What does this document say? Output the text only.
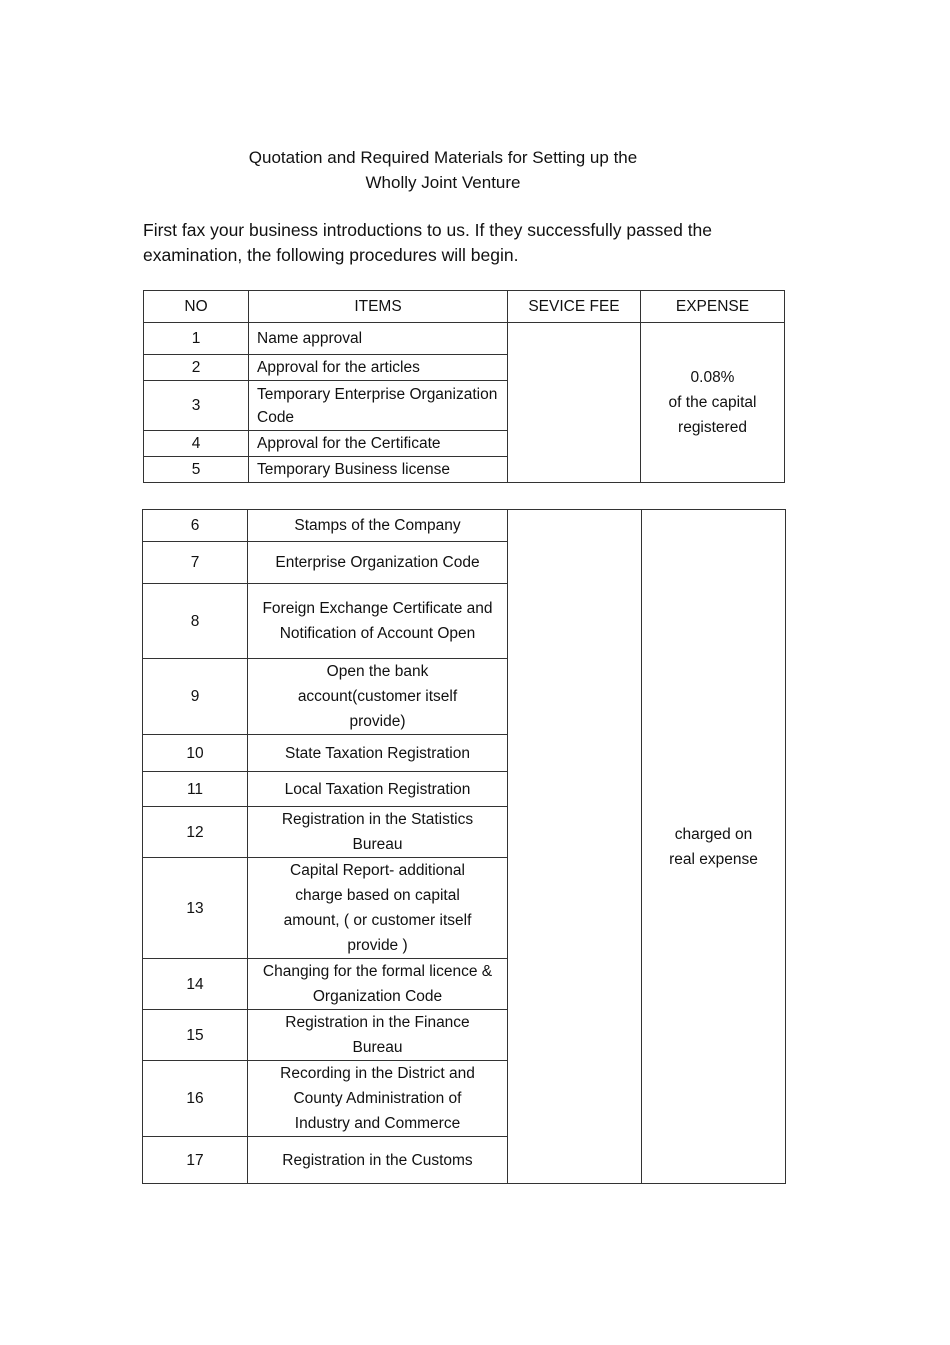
Quotation and Required Materials for Setting up the
Wholly Joint Venture
First fax your business introductions to us. If they successfully passed the examination, the following procedures will begin.
NO	ITEMS	SEVICE FEE	EXPENSE
1	Name approval		0.08%
of the capital
registered

2	Approval for the articles		
3	Temporary Enterprise Organization Code		
4	Approval for the Certificate		
5	Temporary Business license		
6	Stamps of the Company		charged on
real expense

7	Enterprise Organization Code		
8	Foreign Exchange Certificate and Notification of Account Open		
9	Open the bank account(customer itself provide)		
10	State Taxation Registration		
11	Local Taxation Registration		
12	Registration in the Statistics Bureau		
13	Capital Report- additional charge based on capital amount, ( or customer itself provide )		
14	Changing for the formal licence & Organization Code		
15	Registration in the Finance Bureau		
16	Recording in the District and County Administration of Industry and Commerce		
17	Registration in the Customs		
